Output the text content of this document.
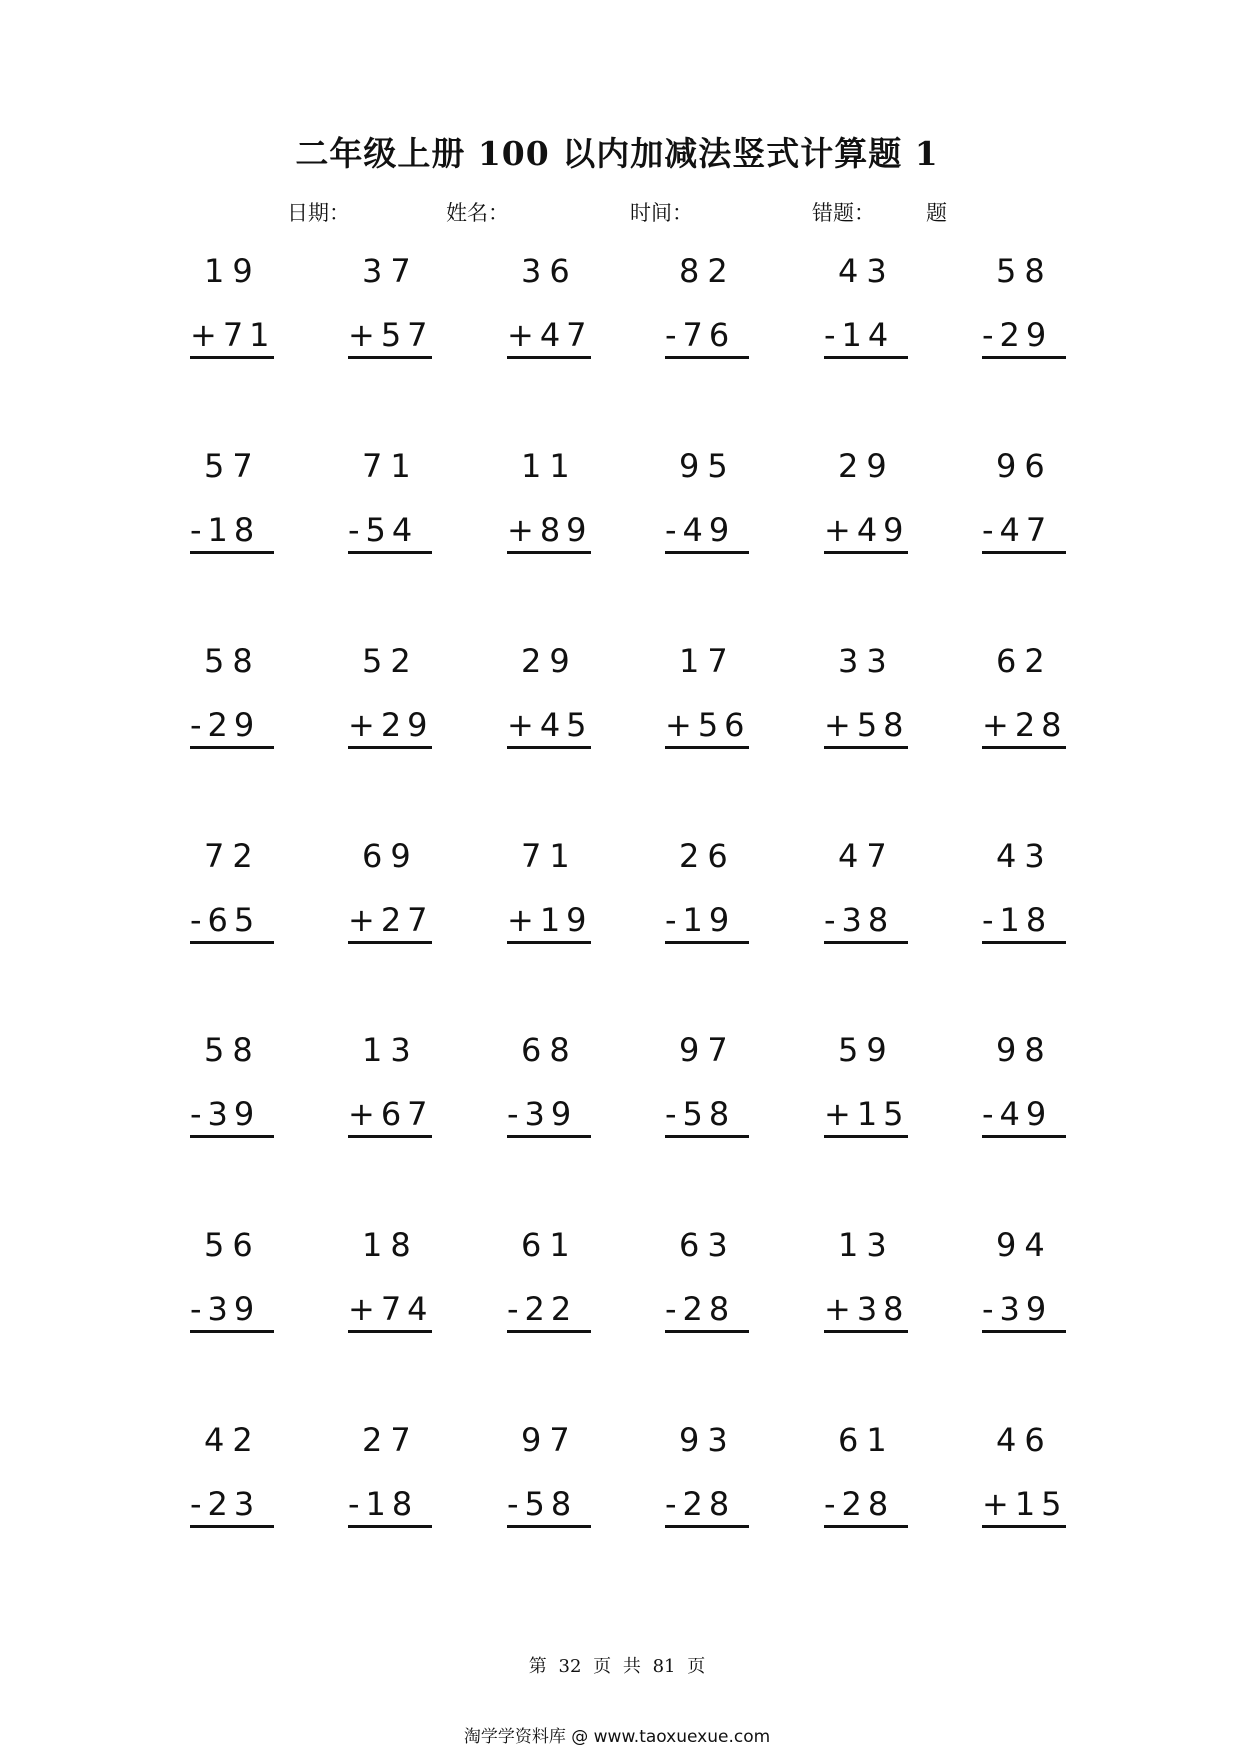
二年级上册 100 以内加减法竖式计算题 1
日期：	姓名：	时间：	错题： 题
19
+71
37
+57
36
+47
82
-76
43
-14
58
-29
57
-18
71
-54
11
+89
95
-49
29
+49
96
-47
58
-29
52
+29
29
+45
17
+56
33
+58
62
+28
72
-65
69
+27
71
+19
26
-19
47
-38
43
-18
58
-39
13
+67
68
-39
97
-58
59
+15
98
-49
56
-39
18
+74
61
-22
63
-28
13
+38
94
-39
42
-23
27
-18
97
-58
93
-28
61
-28
46
+15
第 32 页 共 81 页
淘学学资料库 @ www.taoxuexue.com
